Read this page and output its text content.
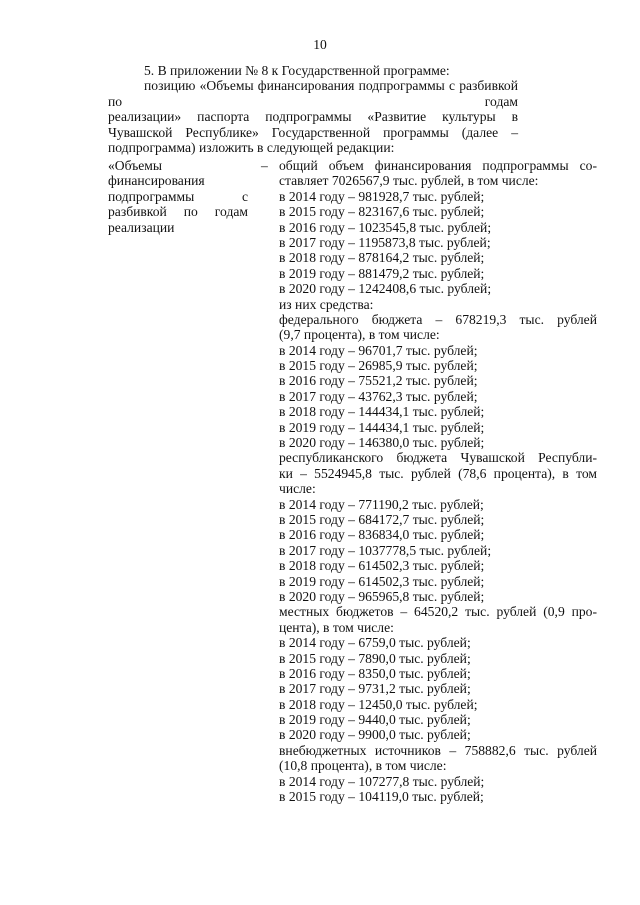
10

5. В приложении № 8 к Государственной программе:

позицию «Объемы финансирования подпрограммы с разбивкой по годам

реализации» паспорта подпрограммы «Развитие культуры в Чувашской Республике» Государственной программы (далее – подпрограмма) изложить в следующей редакции:

«Объемы финансирования подпрограммы с разбивкой по годам реализации
– общий объем финансирования подпрограммы со-
ставляет 7026567,9 тыс. рублей, в том числе:
в 2014 году – 981928,7 тыс. рублей;
в 2015 году – 823167,6 тыс. рублей;
в 2016 году – 1023545,8 тыс. рублей;
в 2017 году – 1195873,8 тыс. рублей;
в 2018 году – 878164,2 тыс. рублей;
в 2019 году – 881479,2 тыс. рублей;
в 2020 году – 1242408,6 тыс. рублей;
из них средства:
федерального бюджета – 678219,3 тыс. рублей
(9,7 процента), в том числе:
в 2014 году – 96701,7 тыс. рублей;
в 2015 году – 26985,9 тыс. рублей;
в 2016 году – 75521,2 тыс. рублей;
в 2017 году – 43762,3 тыс. рублей;
в 2018 году – 144434,1 тыс. рублей;
в 2019 году – 144434,1 тыс. рублей;
в 2020 году – 146380,0 тыс. рублей;
республиканского бюджета Чувашской Республи-
ки – 5524945,8 тыс. рублей (78,6 процента), в том
числе:
в 2014 году – 771190,2 тыс. рублей;
в 2015 году – 684172,7 тыс. рублей;
в 2016 году – 836834,0 тыс. рублей;
в 2017 году – 1037778,5 тыс. рублей;
в 2018 году – 614502,3 тыс. рублей;
в 2019 году – 614502,3 тыс. рублей;
в 2020 году – 965965,8 тыс. рублей;
местных бюджетов – 64520,2 тыс. рублей (0,9 про-
цента), в том числе:
в 2014 году – 6759,0 тыс. рублей;
в 2015 году – 7890,0 тыс. рублей;
в 2016 году – 8350,0 тыс. рублей;
в 2017 году – 9731,2 тыс. рублей;
в 2018 году – 12450,0 тыс. рублей;
в 2019 году – 9440,0 тыс. рублей;
в 2020 году – 9900,0 тыс. рублей;
внебюджетных источников – 758882,6 тыс. рублей
(10,8 процента), в том числе:
в 2014 году – 107277,8 тыс. рублей;
в 2015 году – 104119,0 тыс. рублей;
